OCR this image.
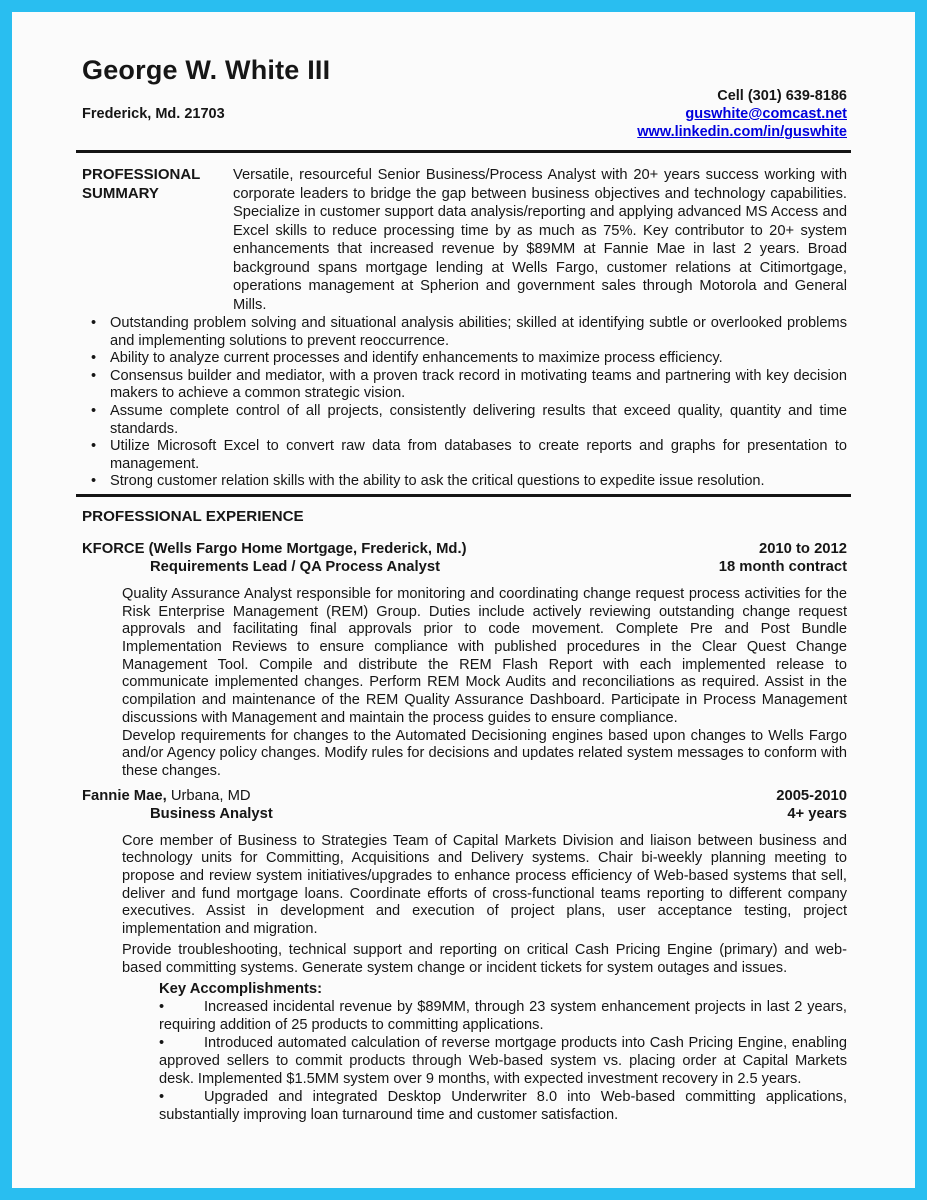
George W. White III
Frederick, Md. 21703
Cell (301) 639-8186
guswhite@comcast.net
www.linkedin.com/in/guswhite
PROFESSIONAL
SUMMARY
Versatile, resourceful Senior Business/Process Analyst with 20+ years success working with corporate leaders to bridge the gap between business objectives and technology capabilities. Specialize in customer support data analysis/reporting and applying advanced MS Access and Excel skills to reduce processing time by as much as 75%. Key contributor to 20+ system enhancements that increased revenue by $89MM at Fannie Mae in last 2 years. Broad background spans mortgage lending at Wells Fargo, customer relations at Citimortgage, operations management at Spherion and government sales through Motorola and General Mills.
• Outstanding problem solving and situational analysis abilities; skilled at identifying subtle or overlooked problems and implementing solutions to prevent reoccurrence.
• Ability to analyze current processes and identify enhancements to maximize process efficiency.
• Consensus builder and mediator, with a proven track record in motivating teams and partnering with key decision makers to achieve a common strategic vision.
• Assume complete control of all projects, consistently delivering results that exceed quality, quantity and time standards.
• Utilize Microsoft Excel to convert raw data from databases to create reports and graphs for presentation to management.
• Strong customer relation skills with the ability to ask the critical questions to expedite issue resolution.
PROFESSIONAL EXPERIENCE
KFORCE (Wells Fargo Home Mortgage, Frederick, Md.)	2010 to 2012
Requirements Lead / QA Process Analyst	18 month contract
Quality Assurance Analyst responsible for monitoring and coordinating change request process activities for the Risk Enterprise Management (REM) Group. Duties include actively reviewing outstanding change request approvals and facilitating final approvals prior to code movement. Complete Pre and Post Bundle Implementation Reviews to ensure compliance with published procedures in the Clear Quest Change Management Tool. Compile and distribute the REM Flash Report with each implemented release to communicate implemented changes. Perform REM Mock Audits and reconciliations as required. Assist in the compilation and maintenance of the REM Quality Assurance Dashboard. Participate in Process Management discussions with Management and maintain the process guides to ensure compliance.
Develop requirements for changes to the Automated Decisioning engines based upon changes to Wells Fargo and/or Agency policy changes. Modify rules for decisions and updates related system messages to conform with these changes.
Fannie Mae, Urbana, MD	2005-2010
Business Analyst	4+ years
Core member of Business to Strategies Team of Capital Markets Division and liaison between business and technology units for Committing, Acquisitions and Delivery systems. Chair bi-weekly planning meeting to propose and review system initiatives/upgrades to enhance process efficiency of Web-based systems that sell, deliver and fund mortgage loans. Coordinate efforts of cross-functional teams reporting to different company executives. Assist in development and execution of project plans, user acceptance testing, project implementation and migration.
Provide troubleshooting, technical support and reporting on critical Cash Pricing Engine (primary) and web-based committing systems. Generate system change or incident tickets for system outages and issues.
Key Accomplishments:
•	Increased incidental revenue by $89MM, through 23 system enhancement projects in last 2 years, requiring addition of 25 products to committing applications.
•	Introduced automated calculation of reverse mortgage products into Cash Pricing Engine, enabling approved sellers to commit products through Web-based system vs. placing order at Capital Markets desk. Implemented $1.5MM system over 9 months, with expected investment recovery in 2.5 years.
•	Upgraded and integrated Desktop Underwriter 8.0 into Web-based committing applications, substantially improving loan turnaround time and customer satisfaction.
